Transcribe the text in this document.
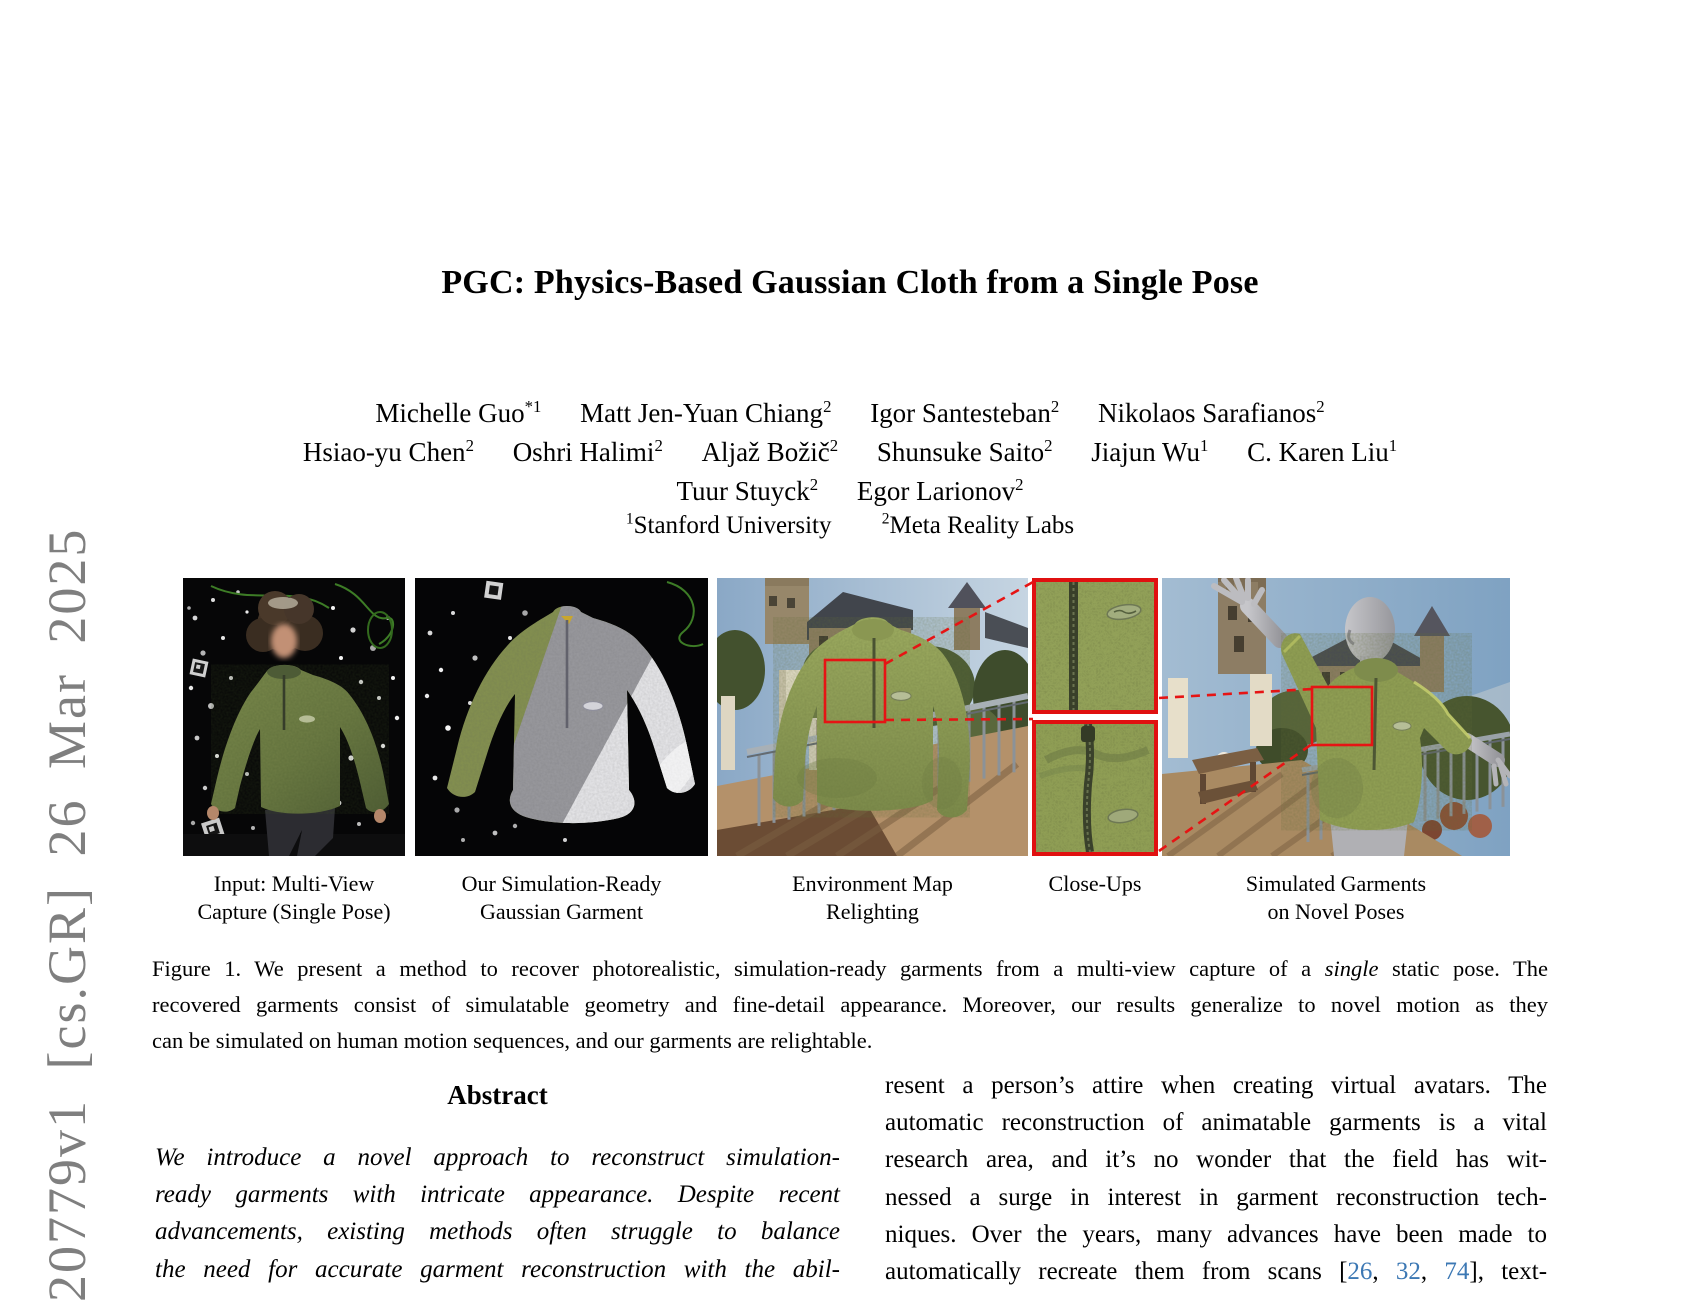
20779v1 [cs.GR] 26 Mar 2025
PGC: Physics-Based Gaussian Cloth from a Single Pose
Michelle Guo$^{*1}$ Matt Jen-Yuan Chiang$^2$ Igor Santesteban$^2$ Nikolaos Sarafianos$^2$
Hsiao-yu Chen$^2$ Oshri Halimi$^2$ Aljaž Božič$^2$ Shunsuke Saito$^2$ Jiajun Wu$^1$ C. Karen Liu$^1$
Tuur Stuyck$^2$ Egor Larionov$^2$
$^1$Stanford University	$^2$Meta Reality Labs
Input: Multi-View
Capture (Single Pose)
Our Simulation-Ready
Gaussian Garment
Environment Map
Relighting
Close-Ups	Simulated Garments
on Novel Poses
Figure 1. We present a method to recover photorealistic, simulation-ready garments from a multi-view capture of a single static pose. The
recovered garments consist of simulatable geometry and fine-detail appearance. Moreover, our results generalize to novel motion as they
can be simulated on human motion sequences, and our garments are relightable.
Abstract
We introduce a novel approach to reconstruct simulation-
ready garments with intricate appearance. Despite recent
advancements, existing methods often struggle to balance
the need for accurate garment reconstruction with the abil-
resent a person’s attire when creating virtual avatars. The
automatic reconstruction of animatable garments is a vital
research area, and it’s no wonder that the field has wit-
nessed a surge in interest in garment reconstruction tech-
niques. Over the years, many advances have been made to
automatically recreate them from scans [26, 32, 74], text-
